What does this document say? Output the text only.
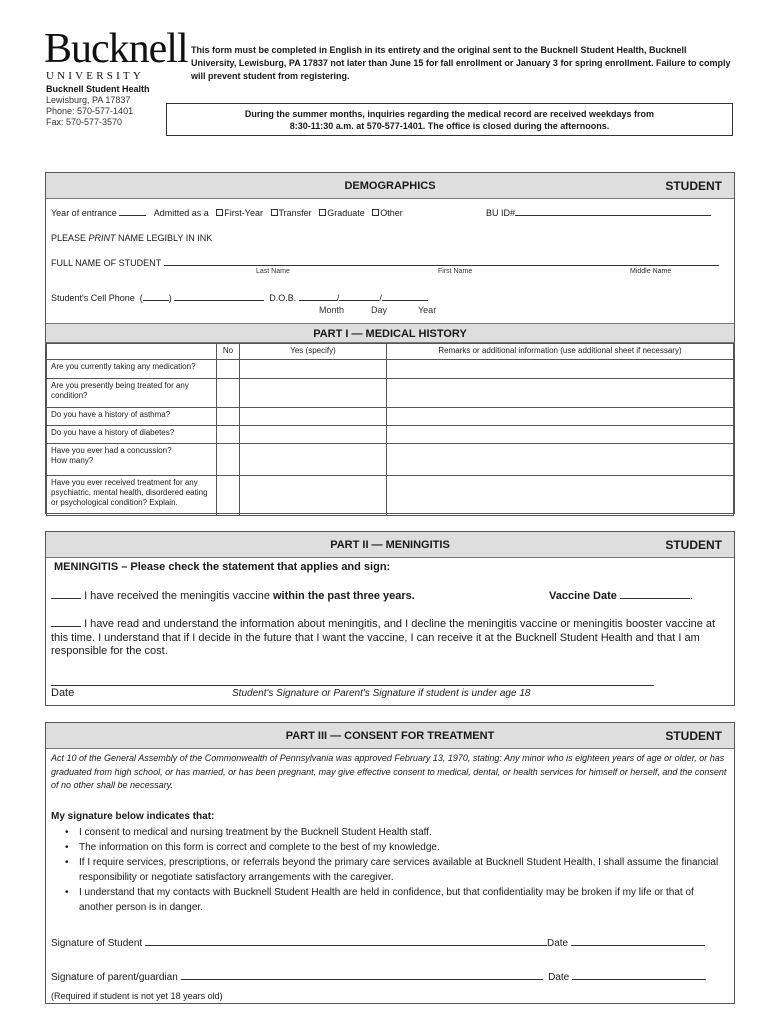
Bucknell
UNIVERSITY
Bucknell Student Health
Lewisburg, PA 17837
Phone: 570-577-1401
Fax: 570-577-3570
This form must be completed in English in its entirety and the original sent to the Bucknell Student Health, Bucknell University, Lewisburg, PA 17837 not later than June 15 for fall enrollment or January 3 for spring enrollment. Failure to comply will prevent student from registering.
During the summer months, inquiries regarding the medical record are received weekdays from
8:30-11:30 a.m. at 570-577-1401. The office is closed during the afternoons.
DEMOGRAPHICS	STUDENT
Year of entrance	Admitted as a First-Year Transfer Graduate Other	BU ID#
PLEASE PRINT NAME LEGIBLY IN INK
FULL NAME OF STUDENT
Last Name	First Name	Middle Name
Student's Cell Phone  (	)	D.O.B.	/	/
Month	Day	Year
PART I — MEDICAL HISTORY
	No	Yes (specify)	Remarks or additional information (use additional sheet if necessary)
Are you currently taking any medication?			
Are you presently being treated for any condition?			
Do you have a history of asthma?			
Do you have a history of diabetes?			
Have you ever had a concussion?
How many?			
Have you ever received treatment for any psychiatric, mental health, disordered eating or psychological condition? Explain.			
PART II — MENINGITIS	STUDENT
MENINGITIS – Please check the statement that applies and sign:
I have received the meningitis vaccine within the past three years.	Vaccine Date	.
I have read and understand the information about meningitis, and I decline the meningitis vaccine or meningitis booster vaccine at this time. I understand that if I decide in the future that I want the vaccine, I can receive it at the Bucknell Student Health and that I am responsible for the cost.
Date	Student's Signature or Parent's Signature if student is under age 18
PART III — CONSENT FOR TREATMENT	STUDENT
Act 10 of the General Assembly of the Commonwealth of Pennsylvania was approved February 13, 1970, stating: Any minor who is eighteen years of age or older, or has graduated from high school, or has married, or has been pregnant, may give effective consent to medical, dental, or health services for himself or herself, and the consent of no other shall be necessary.
My signature below indicates that:
• I consent to medical and nursing treatment by the Bucknell Student Health staff.
• The information on this form is correct and complete to the best of my knowledge.
• If I require services, prescriptions, or referrals beyond the primary care services available at Bucknell Student Health, I shall assume the financial responsibility or negotiate satisfactory arrangements with the caregiver.
• I understand that my contacts with Bucknell Student Health are held in confidence, but that confidentiality may be broken if my life or that of another person is in danger.
Signature of Student	Date
Signature of parent/guardian	Date
(Required if student is not yet 18 years old)
